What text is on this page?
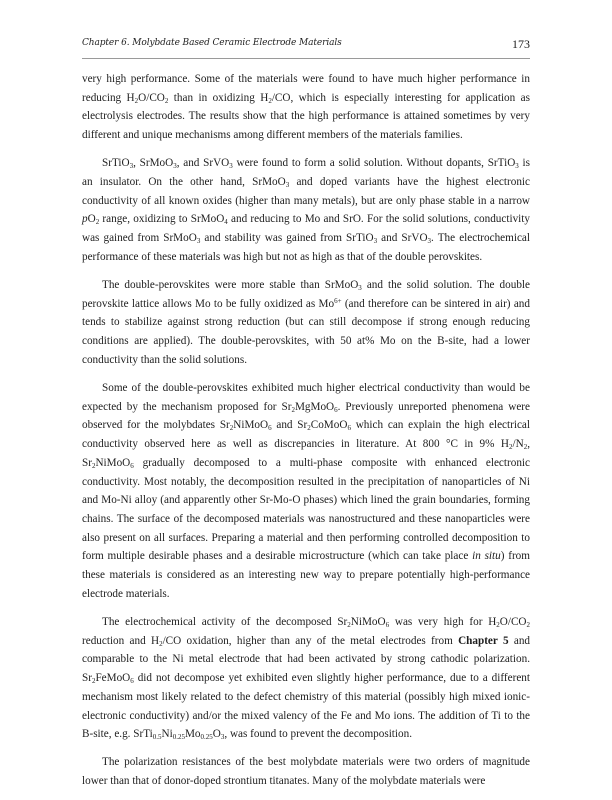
Chapter 6. Molybdate Based Ceramic Electrode Materials	173

very high performance. Some of the materials were found to have much higher performance in reducing $H_2O/CO_2$ than in oxidizing $H_2/CO$, which is especially interesting for application as electrolysis electrodes. The results show that the high performance is attained sometimes by very different and unique mechanisms among different members of the materials families.

SrTiO$_3$, SrMoO$_3$, and SrVO$_3$ were found to form a solid solution. Without dopants, SrTiO$_3$ is an insulator. On the other hand, SrMoO$_3$ and doped variants have the highest electronic conductivity of all known oxides (higher than many metals), but are only phase stable in a narrow $pO_2$ range, oxidizing to SrMoO$_4$ and reducing to Mo and SrO. For the solid solutions, conductivity was gained from SrMoO$_3$ and stability was gained from SrTiO$_3$ and SrVO$_3$. The electrochemical performance of these materials was high but not as high as that of the double perovskites.

The double-perovskites were more stable than SrMoO$_3$ and the solid solution. The double perovskite lattice allows Mo to be fully oxidized as $Mo^{6+}$ (and therefore can be sintered in air) and tends to stabilize against strong reduction (but can still decompose if strong enough reducing conditions are applied). The double-perovskites, with 50 at% Mo on the B-site, had a lower conductivity than the solid solutions.

Some of the double-perovskites exhibited much higher electrical conductivity than would be expected by the mechanism proposed for $Sr_2MgMoO_6$. Previously unreported phenomena were observed for the molybdates $Sr_2NiMoO_6$ and $Sr_2CoMoO_6$ which can explain the high electrical conductivity observed here as well as discrepancies in literature. At 800 °C in 9% $H_2/N_2$, $Sr_2NiMoO_6$ gradually decomposed to a multi-phase composite with enhanced electronic conductivity. Most notably, the decomposition resulted in the precipitation of nanoparticles of Ni and Mo-Ni alloy (and apparently other Sr-Mo-O phases) which lined the grain boundaries, forming chains. The surface of the decomposed materials was nanostructured and these nanoparticles were also present on all surfaces. Preparing a material and then performing controlled decomposition to form multiple desirable phases and a desirable microstructure (which can take place in situ) from these materials is considered as an interesting new way to prepare potentially high-performance electrode materials.

The electrochemical activity of the decomposed $Sr_2NiMoO_6$ was very high for $H_2O/CO_2$ reduction and $H_2/CO$ oxidation, higher than any of the metal electrodes from Chapter 5 and comparable to the Ni metal electrode that had been activated by strong cathodic polarization. $Sr_2FeMoO_6$ did not decompose yet exhibited even slightly higher performance, due to a different mechanism most likely related to the defect chemistry of this material (possibly high mixed ionic-electronic conductivity) and/or the mixed valency of the Fe and Mo ions. The addition of Ti to the B-site, e.g. $SrTi_{0.5}Ni_{0.25}Mo_{0.25}O_3$, was found to prevent the decomposition.

The polarization resistances of the best molybdate materials were two orders of magnitude lower than that of donor-doped strontium titanates. Many of the molybdate materials were
